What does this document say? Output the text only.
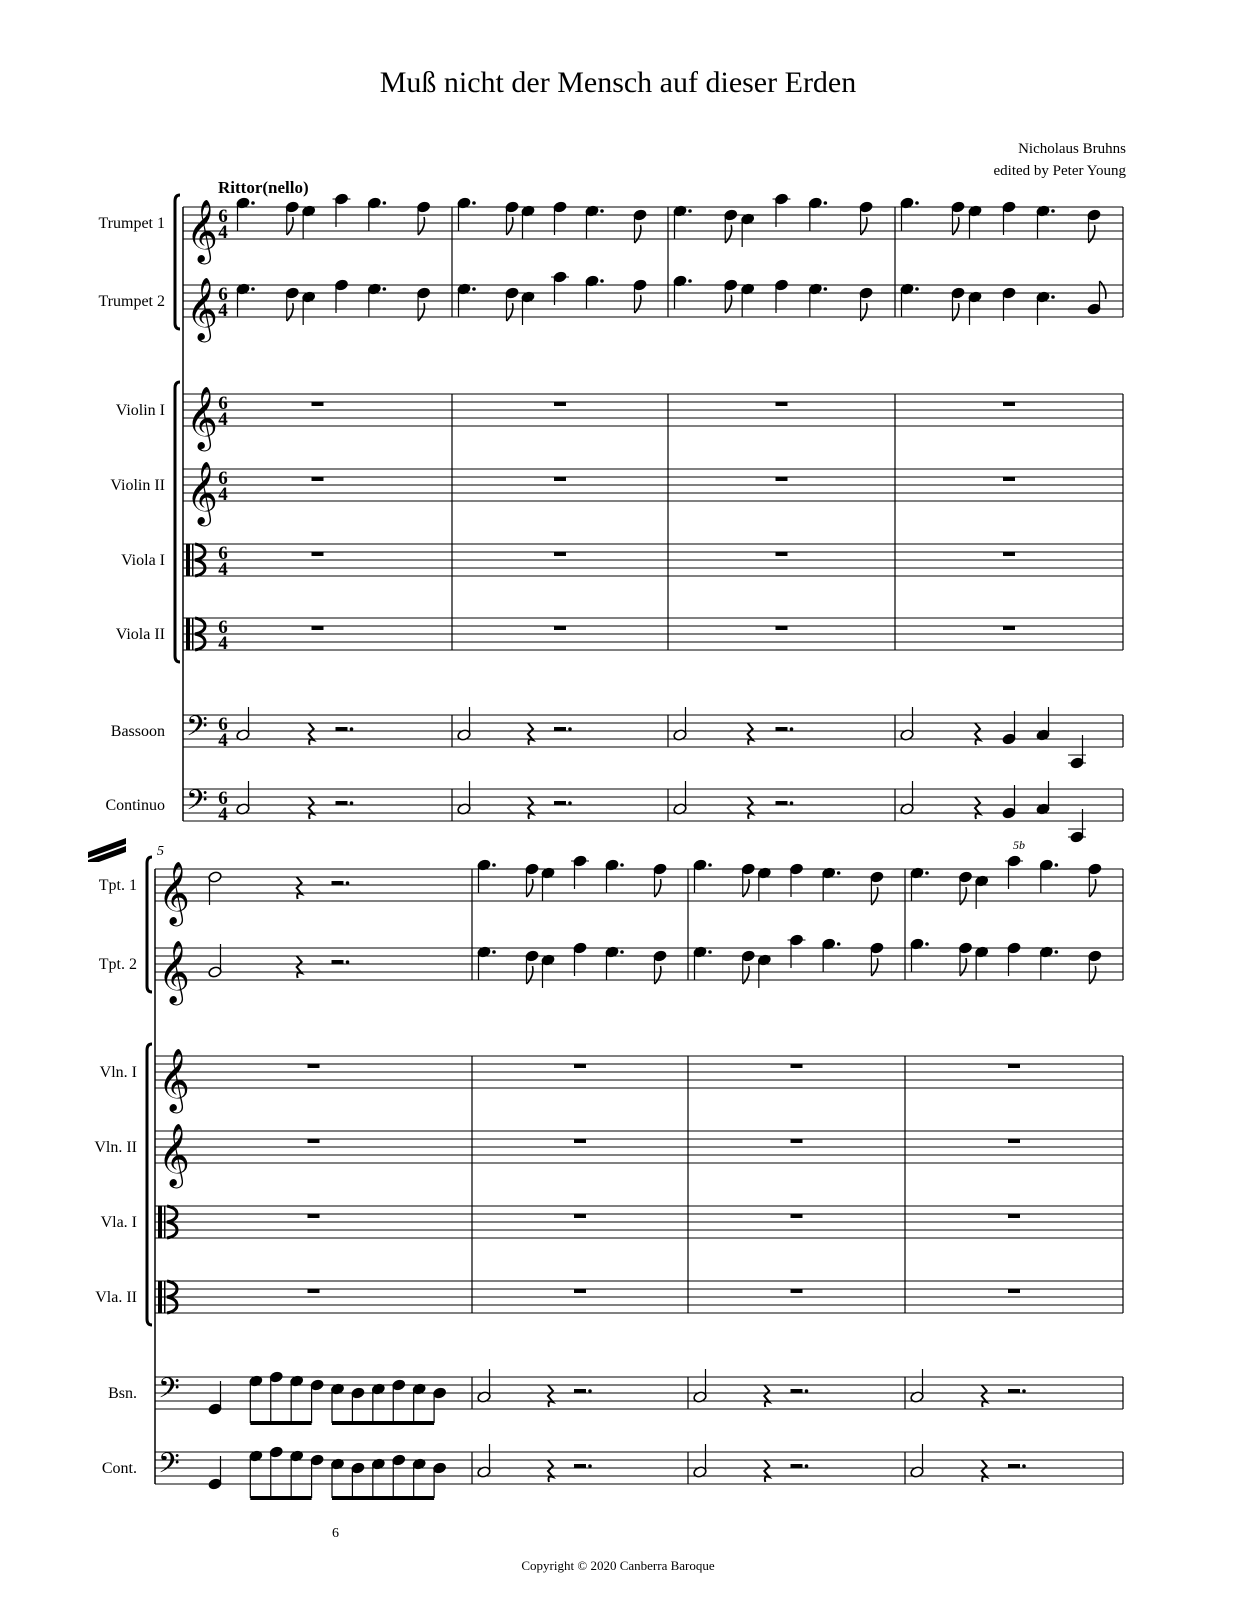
Muß nicht der Mensch auf dieser Erden
Nicholaus Bruhns
edited by Peter Young
Rittor(nello)
Trumpet 1 𝄞 6
4
Trumpet 2 𝄞 6
4
Violin I 𝄞 6
4
Violin II 𝄞 6
4
Viola I	6
4
Viola II	6
4
Bassoon 𝄢 6
4
Continuo 𝄢 6
4
5b
5
Tpt. 1 𝄞
Tpt. 2 𝄞
Vln. I 𝄞
Vln. II 𝄞
Vla. I
Vla. II
Bsn. 𝄢
Cont. 𝄢
6
Copyright © 2020 Canberra Baroque
